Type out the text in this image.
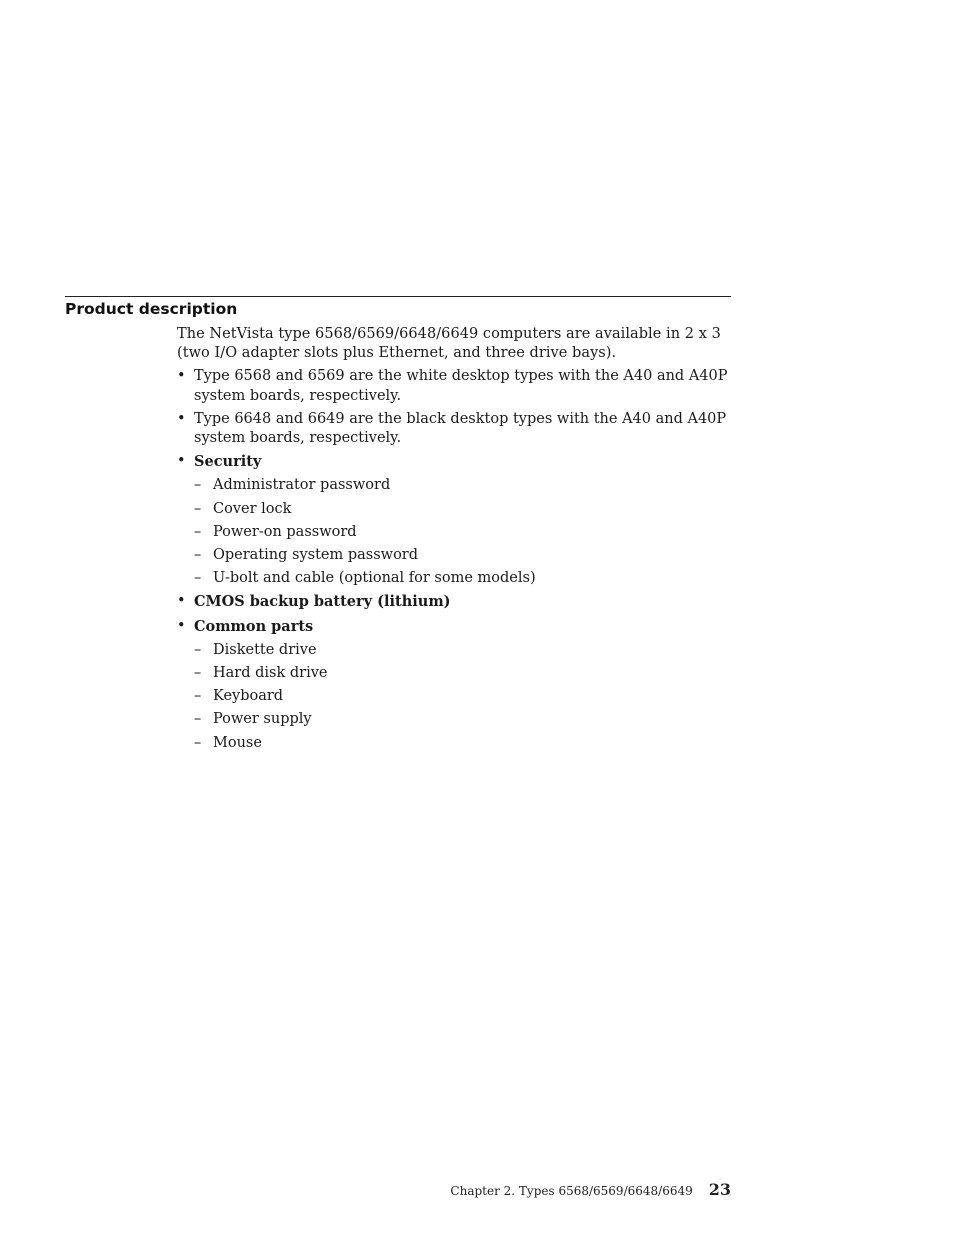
Product description

The NetVista type 6568/6569/6648/6649 computers are available in 2 x 3 (two I/O adapter slots plus Ethernet, and three drive bays).

• Type 6568 and 6569 are the white desktop types with the A40 and A40P system boards, respectively.
• Type 6648 and 6649 are the black desktop types with the A40 and A40P system boards, respectively.
• Security
– Administrator password
– Cover lock
– Power-on password
– Operating system password
– U-bolt and cable (optional for some models)
• CMOS backup battery (lithium)
• Common parts
– Diskette drive
– Hard disk drive
– Keyboard
– Power supply
– Mouse
Chapter 2. Types 6568/6569/6648/6649 23
